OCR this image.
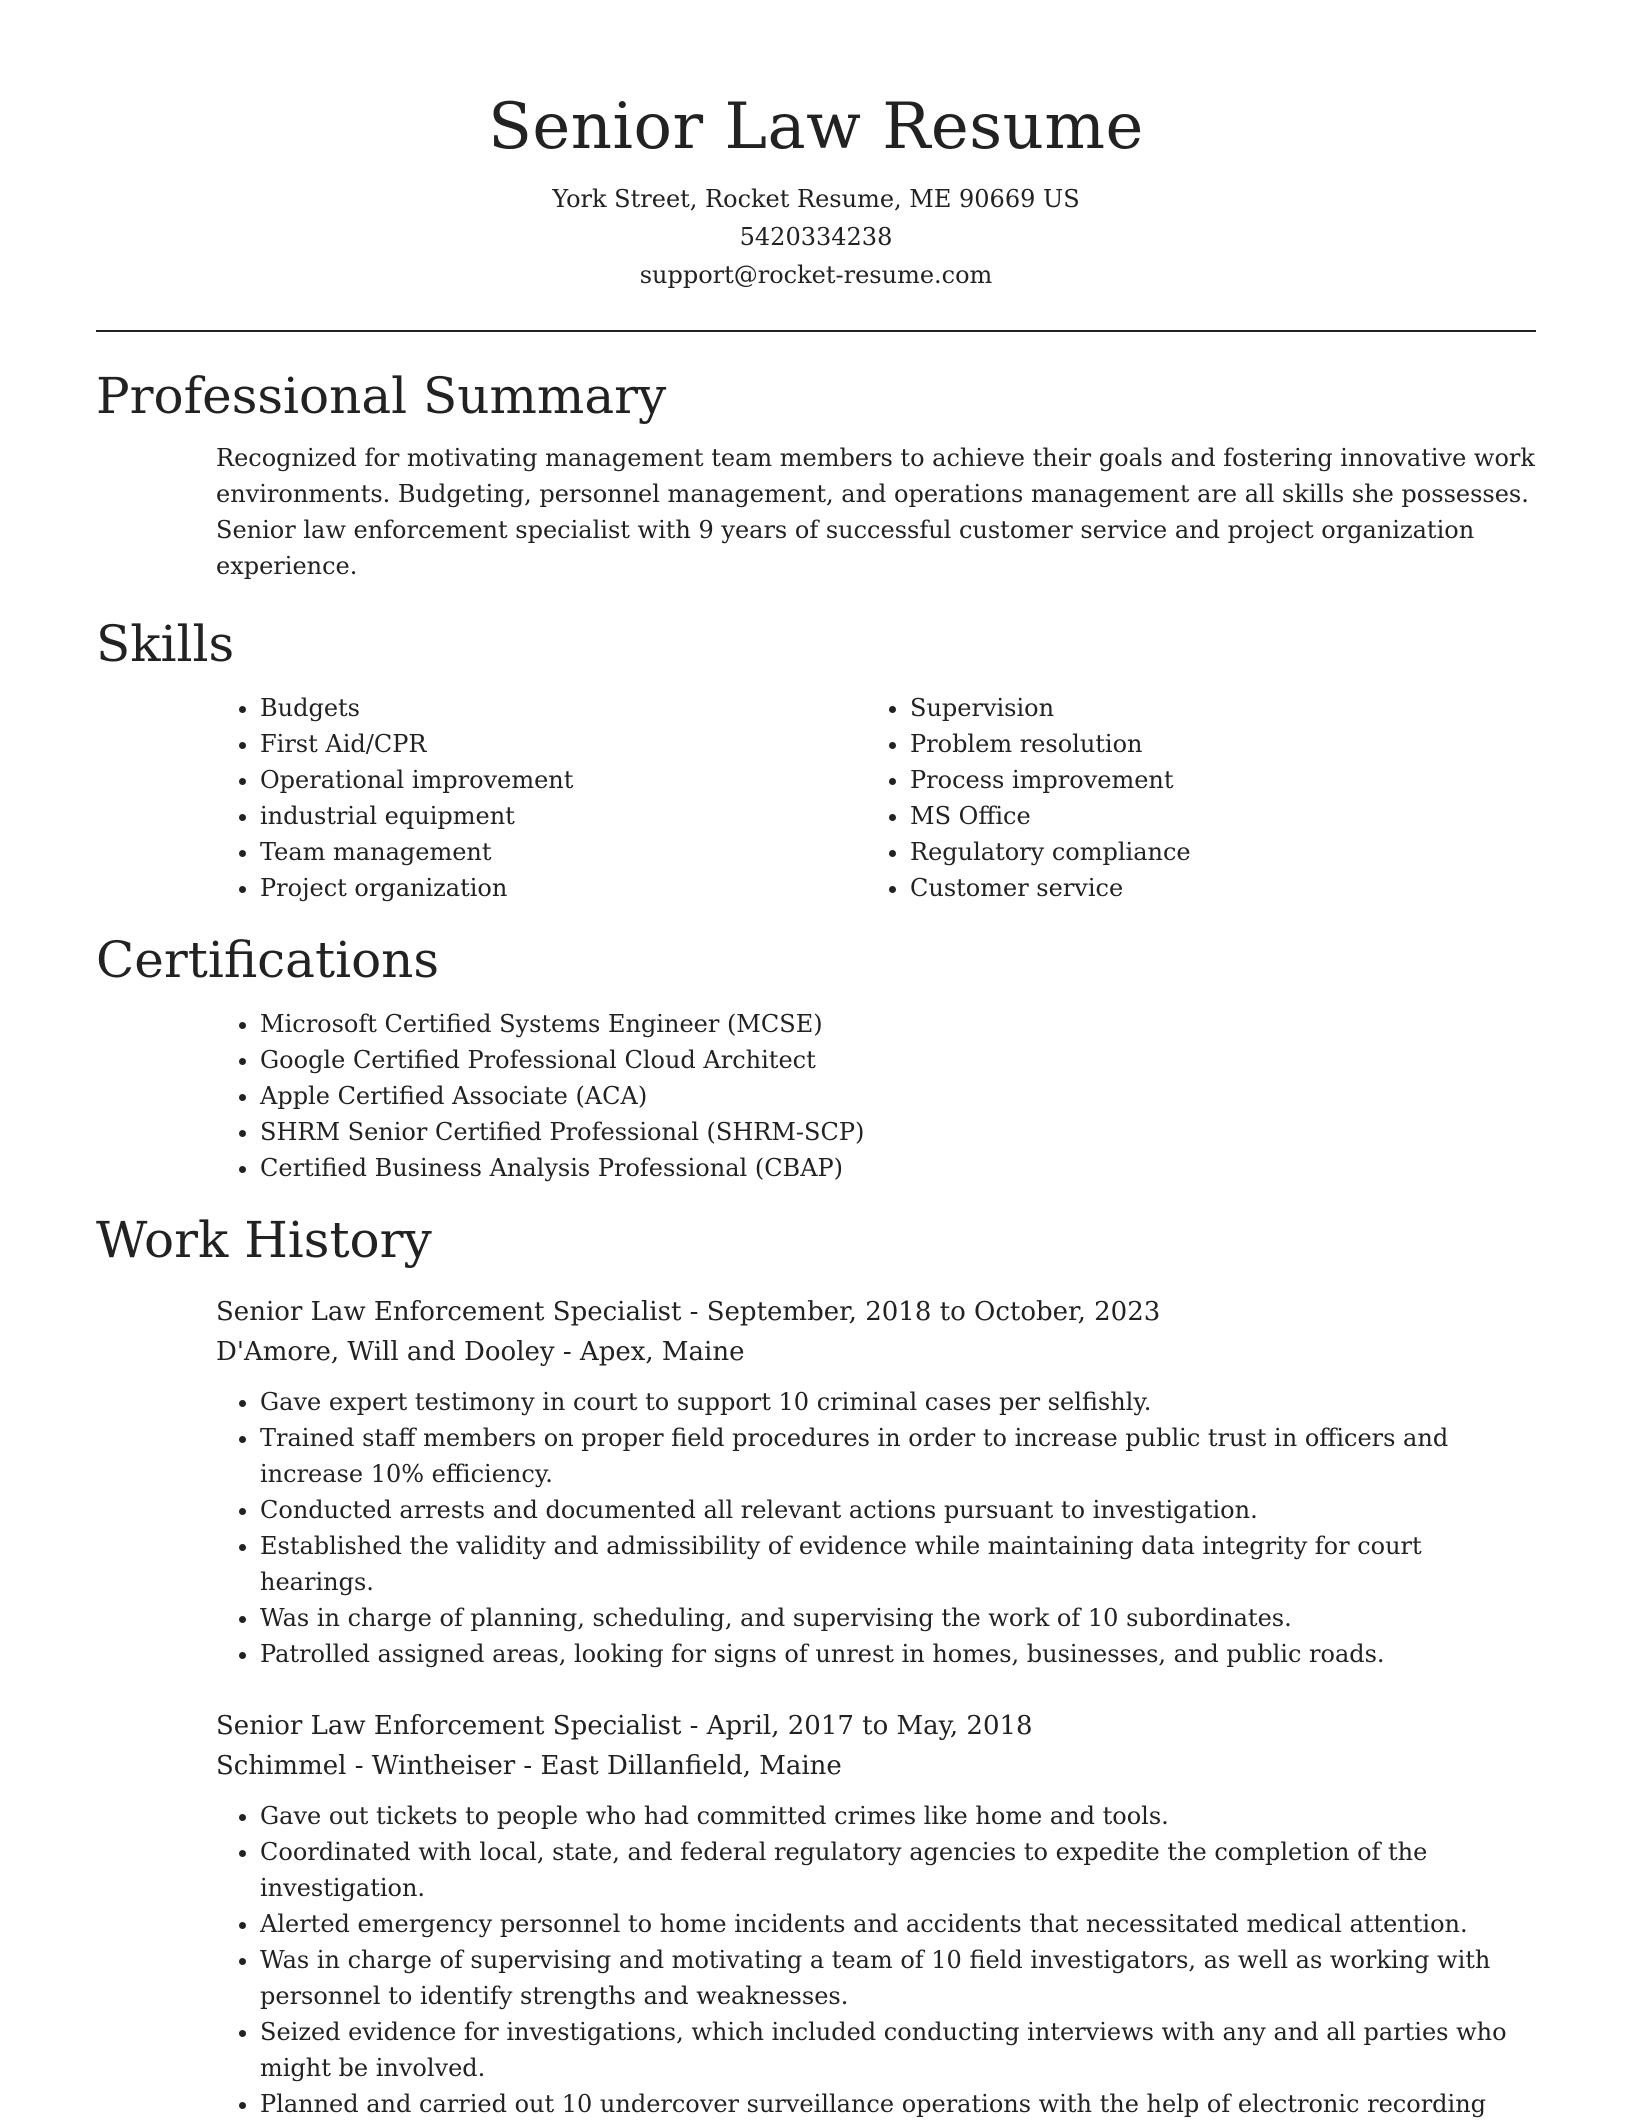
Senior Law Resume

York Street, Rocket Resume, ME 90669 US

5420334238

support@rocket-resume.com

Professional Summary

Recognized for motivating management team members to achieve their goals and fostering innovative work environments. Budgeting, personnel management, and operations management are all skills she possesses. Senior law enforcement specialist with 9 years of successful customer service and project organization experience.

Skills
• Budgets
• First Aid/CPR
• Operational improvement
• industrial equipment
• Team management
• Project organization
• Supervision
• Problem resolution
• Process improvement
• MS Office
• Regulatory compliance
• Customer service
Certifications
• Microsoft Certified Systems Engineer (MCSE)
• Google Certified Professional Cloud Architect
• Apple Certified Associate (ACA)
• SHRM Senior Certified Professional (SHRM-SCP)
• Certified Business Analysis Professional (CBAP)
Work History

Senior Law Enforcement Specialist - September, 2018 to October, 2023

D'Amore, Will and Dooley - Apex, Maine

• Gave expert testimony in court to support 10 criminal cases per selfishly.
• Trained staff members on proper field procedures in order to increase public trust in officers and increase 10% efficiency.
• Conducted arrests and documented all relevant actions pursuant to investigation.
• Established the validity and admissibility of evidence while maintaining data integrity for court hearings.
• Was in charge of planning, scheduling, and supervising the work of 10 subordinates.
• Patrolled assigned areas, looking for signs of unrest in homes, businesses, and public roads.

Senior Law Enforcement Specialist - April, 2017 to May, 2018

Schimmel - Wintheiser - East Dillanfield, Maine

• Gave out tickets to people who had committed crimes like home and tools.
• Coordinated with local, state, and federal regulatory agencies to expedite the completion of the investigation.
• Alerted emergency personnel to home incidents and accidents that necessitated medical attention.
• Was in charge of supervising and motivating a team of 10 field investigators, as well as working with personnel to identify strengths and weaknesses.
• Seized evidence for investigations, which included conducting interviews with any and all parties who might be involved.
• Planned and carried out 10 undercover surveillance operations with the help of electronic recording
